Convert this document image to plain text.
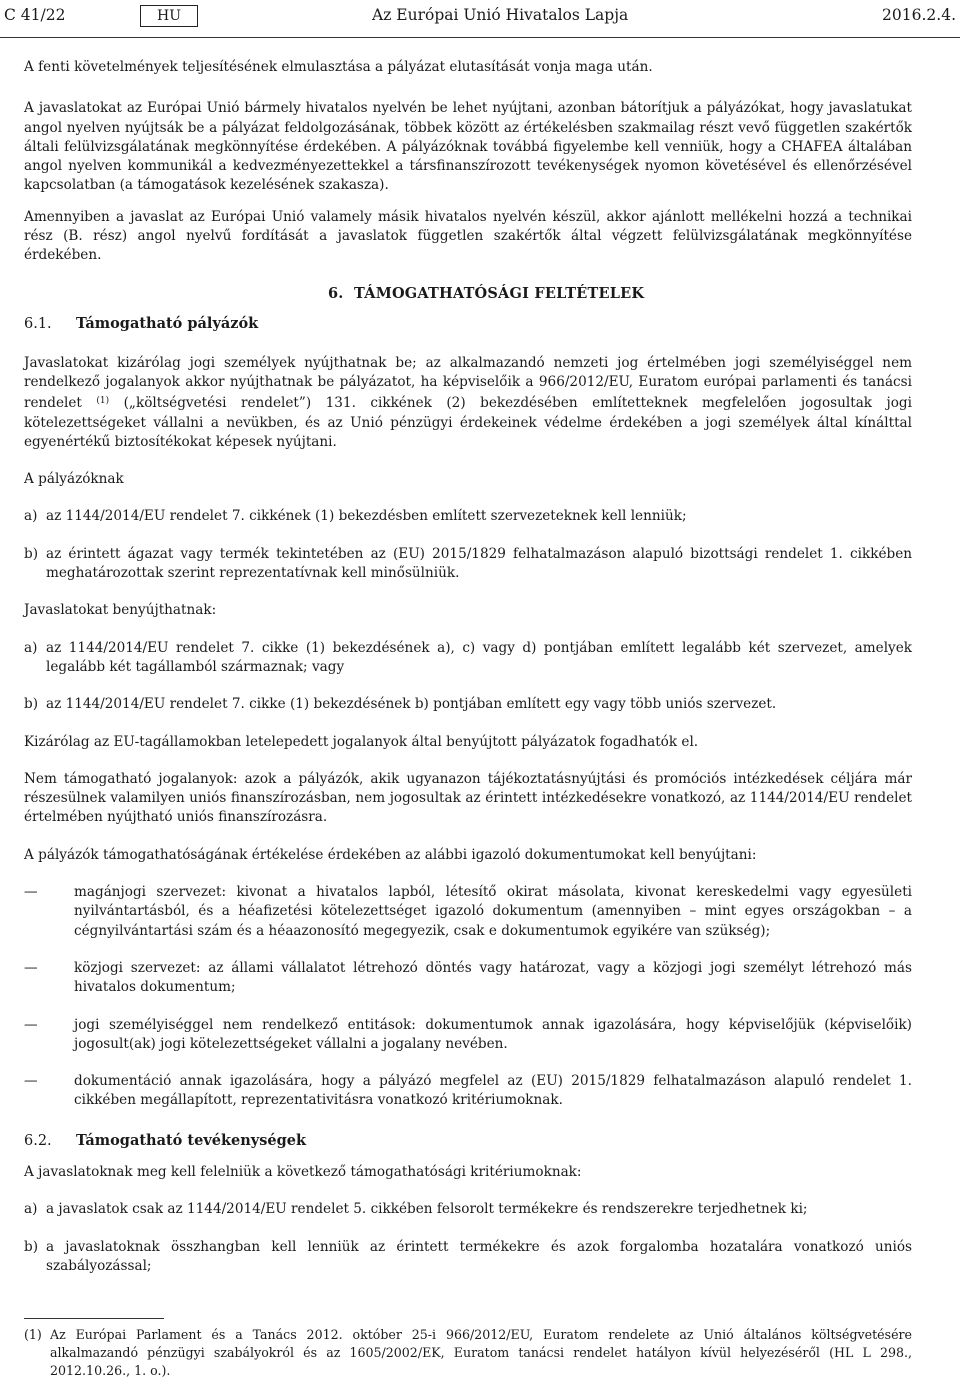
C 41/22	HU	Az Európai Unió Hivatalos Lapja	2016.2.4.

A fenti követelmények teljesítésének elmulasztása a pályázat elutasítását vonja maga után.

A javaslatokat az Európai Unió bármely hivatalos nyelvén be lehet nyújtani, azonban bátorítjuk a pályázókat, hogy javaslatukat angol nyelven nyújtsák be a pályázat feldolgozásának, többek között az értékelésben szakmailag részt vevő független szakértők általi felülvizsgálatának megkönnyítése érdekében. A pályázóknak továbbá figyelembe kell venniük, hogy a CHAFEA általában angol nyelven kommunikál a kedvezményezettekkel a társfinanszírozott tevékenységek nyomon követésével és ellenőrzésével kapcsolatban (a támogatások kezelésének szakasza).

Amennyiben a javaslat az Európai Unió valamely másik hivatalos nyelvén készül, akkor ajánlott mellékelni hozzá a technikai rész (B. rész) angol nyelvű fordítását a javaslatok független szakértők által végzett felülvizsgálatának megkönnyítése érdekében.

6. TÁMOGATHATÓSÁGI FELTÉTELEK
6.1. Támogatható pályázók

Javaslatokat kizárólag jogi személyek nyújthatnak be; az alkalmazandó nemzeti jog értelmében jogi személyiséggel nem rendelkező jogalanyok akkor nyújthatnak be pályázatot, ha képviselőik a 966/2012/EU, Euratom európai parlamenti és tanácsi rendelet $^{(1)}$ („költségvetési rendelet”) 131. cikkének (2) bekezdésében említetteknek megfelelően jogosultak jogi kötelezettségeket vállalni a nevükben, és az Unió pénzügyi érdekeinek védelme érdekében a jogi személyek által kínálttal egyenértékű biztosítékokat képesek nyújtani.

A pályázóknak

a) az 1144/2014/EU rendelet 7. cikkének (1) bekezdésben említett szervezeteknek kell lenniük;
b) az érintett ágazat vagy termék tekintetében az (EU) 2015/1829 felhatalmazáson alapuló bizottsági rendelet 1. cikkében meghatározottak szerint reprezentatívnak kell minősülniük.

Javaslatokat benyújthatnak:

a) az 1144/2014/EU rendelet 7. cikke (1) bekezdésének a), c) vagy d) pontjában említett legalább két szervezet, amelyek legalább két tagállamból származnak; vagy
b) az 1144/2014/EU rendelet 7. cikke (1) bekezdésének b) pontjában említett egy vagy több uniós szervezet.

Kizárólag az EU-tagállamokban letelepedett jogalanyok által benyújtott pályázatok fogadhatók el.

Nem támogatható jogalanyok: azok a pályázók, akik ugyanazon tájékoztatásnyújtási és promóciós intézkedések céljára már részesülnek valamilyen uniós finanszírozásban, nem jogosultak az érintett intézkedésekre vonatkozó, az 1144/2014/EU rendelet értelmében nyújtható uniós finanszírozásra.

A pályázók támogathatóságának értékelése érdekében az alábbi igazoló dokumentumokat kell benyújtani:

—	magánjogi szervezet: kivonat a hivatalos lapból, létesítő okirat másolata, kivonat kereskedelmi vagy egyesületi nyilvántartásból, és a héafizetési kötelezettséget igazoló dokumentum (amennyiben – mint egyes országokban – a cégnyilvántartási szám és a héaazonosító megegyezik, csak e dokumentumok egyikére van szükség);
—	közjogi szervezet: az állami vállalatot létrehozó döntés vagy határozat, vagy a közjogi jogi személyt létrehozó más hivatalos dokumentum;
—	jogi személyiséggel nem rendelkező entitások: dokumentumok annak igazolására, hogy képviselőjük (képviselőik) jogosult(ak) jogi kötelezettségeket vállalni a jogalany nevében.
—	dokumentáció annak igazolására, hogy a pályázó megfelel az (EU) 2015/1829 felhatalmazáson alapuló rendelet 1. cikkében megállapított, reprezentativitásra vonatkozó kritériumoknak.
6.2. Támogatható tevékenységek

A javaslatoknak meg kell felelniük a következő támogathatósági kritériumoknak:

a) a javaslatok csak az 1144/2014/EU rendelet 5. cikkében felsorolt termékekre és rendszerekre terjedhetnek ki;
b) a javaslatoknak összhangban kell lenniük az érintett termékekre és azok forgalomba hozatalára vonatkozó uniós szabályozással;
(1) Az Európai Parlament és a Tanács 2012. október 25-i 966/2012/EU, Euratom rendelete az Unió általános költségvetésére alkalmazandó pénzügyi szabályokról és az 1605/2002/EK, Euratom tanácsi rendelet hatályon kívül helyezéséről (HL L 298., 2012.10.26., 1. o.).
